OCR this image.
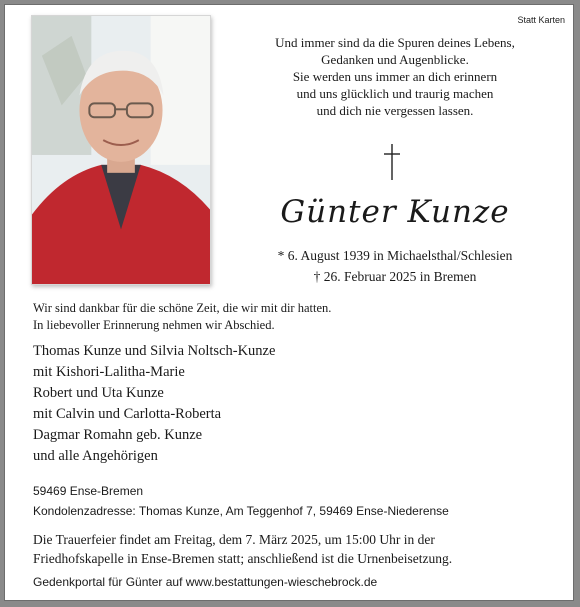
Statt Karten
Und immer sind da die Spuren deines Lebens,
Gedanken und Augenblicke.
Sie werden uns immer an dich erinnern
und uns glücklich und traurig machen
und dich nie vergessen lassen.
Günter Kunze
* 6. August 1939 in Michaelsthal/Schlesien
† 26. Februar 2025 in Bremen
Wir sind dankbar für die schöne Zeit, die wir mit dir hatten.
In liebevoller Erinnerung nehmen wir Abschied.
Thomas Kunze und Silvia Noltsch-Kunze
mit Kishori-Lalitha-Marie
Robert und Uta Kunze
mit Calvin und Carlotta-Roberta
Dagmar Romahn geb. Kunze
und alle Angehörigen
59469 Ense-Bremen
Kondolenzadresse: Thomas Kunze, Am Teggenhof 7, 59469 Ense-Niederense
Die Trauerfeier findet am Freitag, dem 7. März 2025, um 15:00 Uhr in der
Friedhofskapelle in Ense-Bremen statt; anschließend ist die Urnenbeisetzung.
Gedenkportal für Günter auf www.bestattungen-wieschebrock.de
